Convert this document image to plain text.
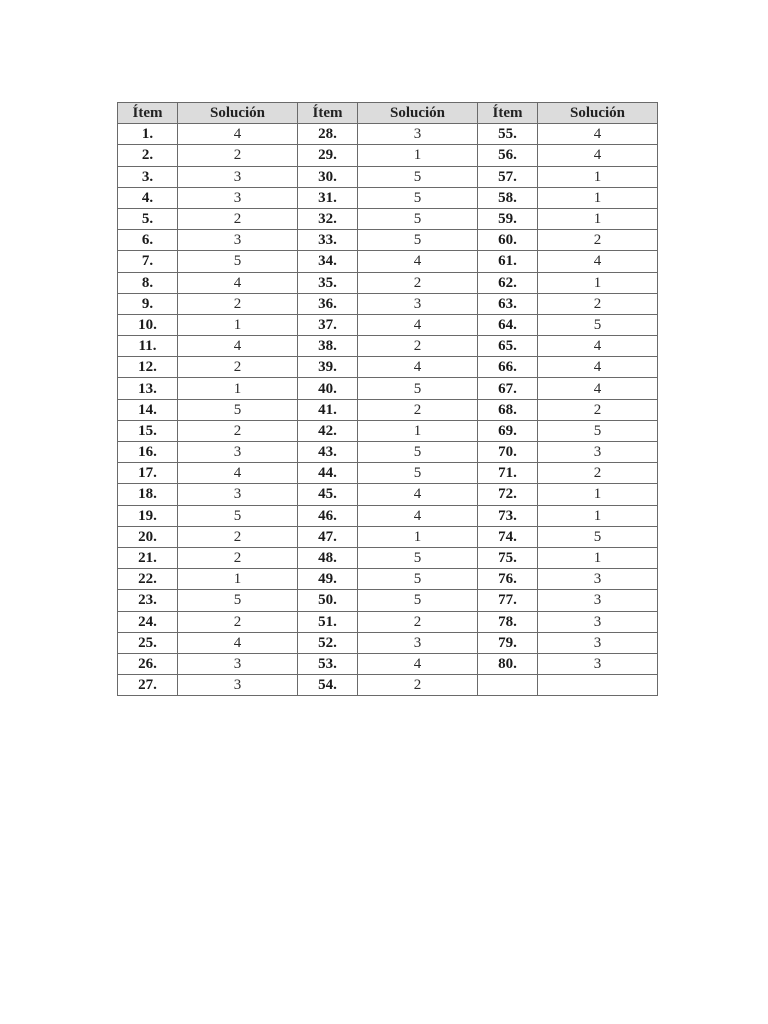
Ítem	Solución	Ítem	Solución	Ítem	Solución
1.	4	28.	3	55.	4
2.	2	29.	1	56.	4
3.	3	30.	5	57.	1
4.	3	31.	5	58.	1
5.	2	32.	5	59.	1
6.	3	33.	5	60.	2
7.	5	34.	4	61.	4
8.	4	35.	2	62.	1
9.	2	36.	3	63.	2
10.	1	37.	4	64.	5
11.	4	38.	2	65.	4
12.	2	39.	4	66.	4
13.	1	40.	5	67.	4
14.	5	41.	2	68.	2
15.	2	42.	1	69.	5
16.	3	43.	5	70.	3
17.	4	44.	5	71.	2
18.	3	45.	4	72.	1
19.	5	46.	4	73.	1
20.	2	47.	1	74.	5
21.	2	48.	5	75.	1
22.	1	49.	5	76.	3
23.	5	50.	5	77.	3
24.	2	51.	2	78.	3
25.	4	52.	3	79.	3
26.	3	53.	4	80.	3
27.	3	54.	2		
